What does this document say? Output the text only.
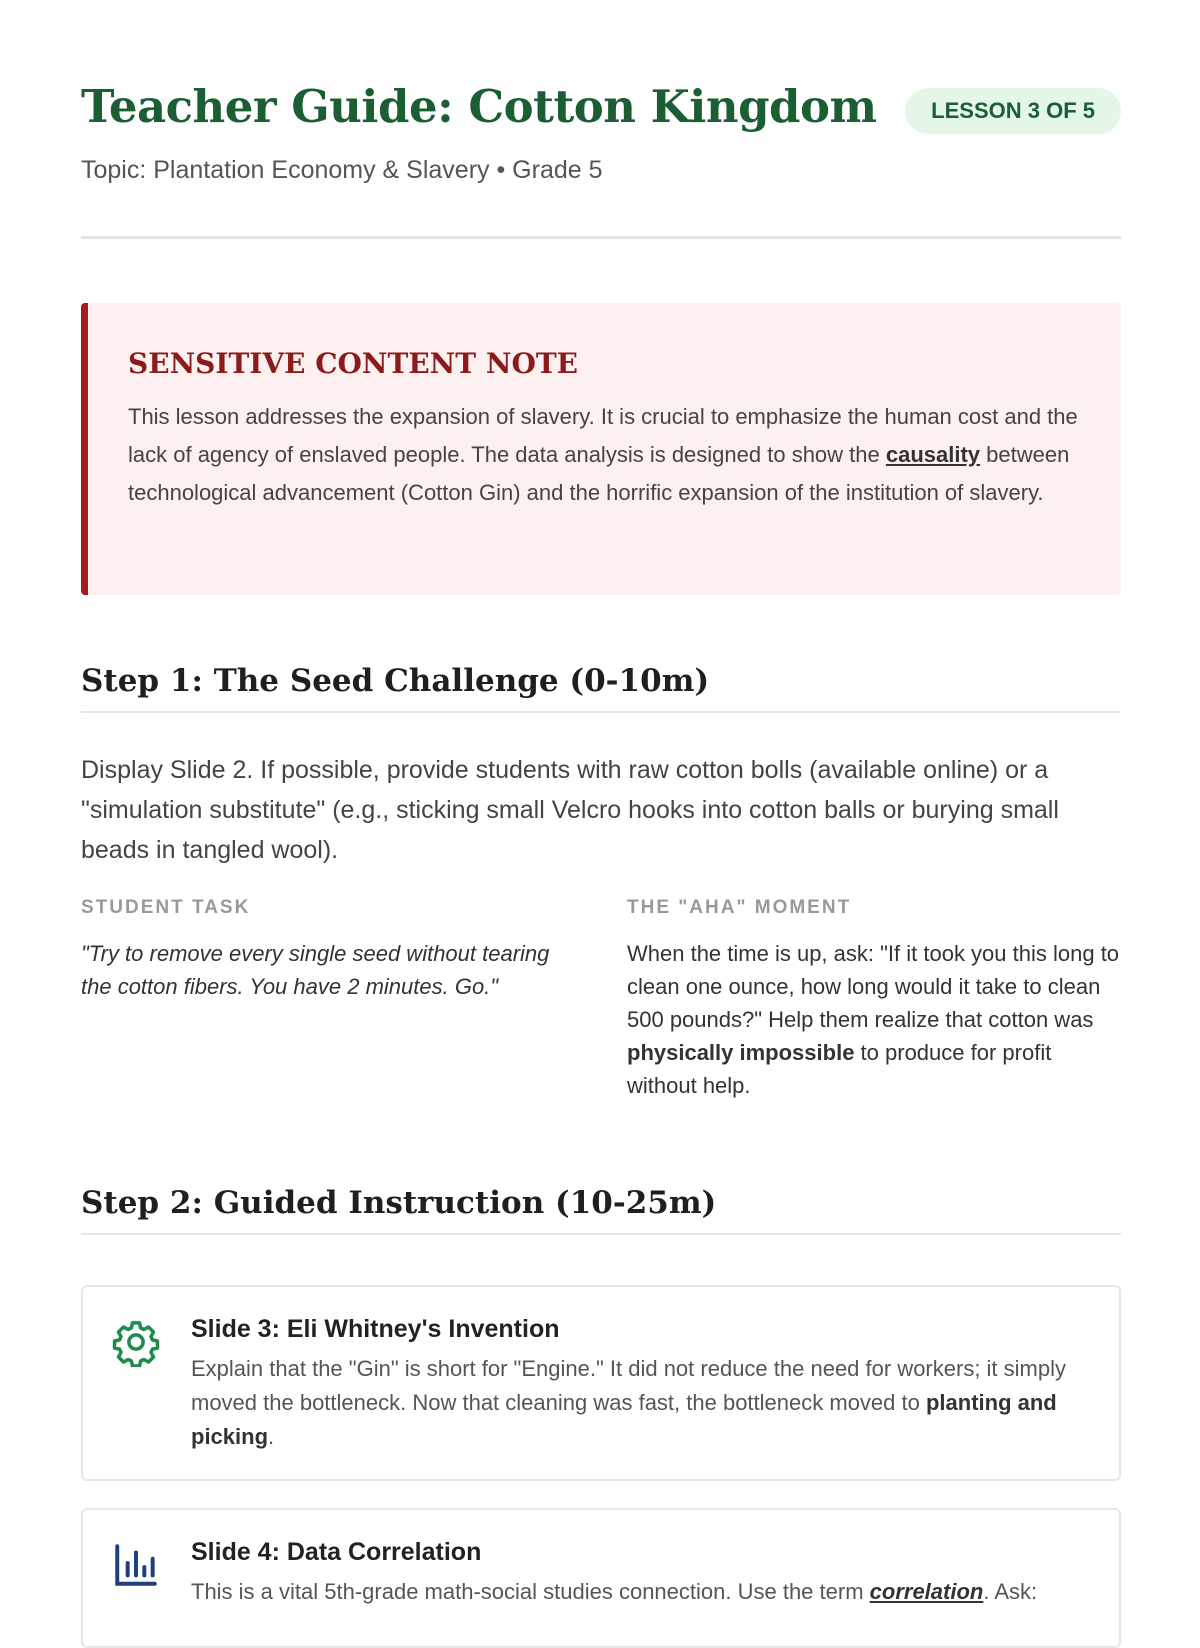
Teacher Guide: Cotton Kingdom	LESSON 3 OF 5
Topic: Plantation Economy & Slavery • Grade 5
SENSITIVE CONTENT NOTE

This lesson addresses the expansion of slavery. It is crucial to emphasize the human cost and the lack of agency of enslaved people. The data analysis is designed to show the causality between technological advancement (Cotton Gin) and the horrific expansion of the institution of slavery.

Step 1: The Seed Challenge (0-10m)

Display Slide 2. If possible, provide students with raw cotton bolls (available online) or a "simulation substitute" (e.g., sticking small Velcro hooks into cotton balls or burying small beads in tangled wool).

STUDENT TASK

"Try to remove every single seed without tearing the cotton fibers. You have 2 minutes. Go."

THE "AHA" MOMENT

When the time is up, ask: "If it took you this long to clean one ounce, how long would it take to clean 500 pounds?" Help them realize that cotton was physically impossible to produce for profit without help.

Step 2: Guided Instruction (10-25m)
Slide 3: Eli Whitney's Invention

Explain that the "Gin" is short for "Engine." It did not reduce the need for workers; it simply moved the bottleneck. Now that cleaning was fast, the bottleneck moved to planting and picking.

Slide 4: Data Correlation

This is a vital 5th-grade math-social studies connection. Use the term correlation. Ask:
